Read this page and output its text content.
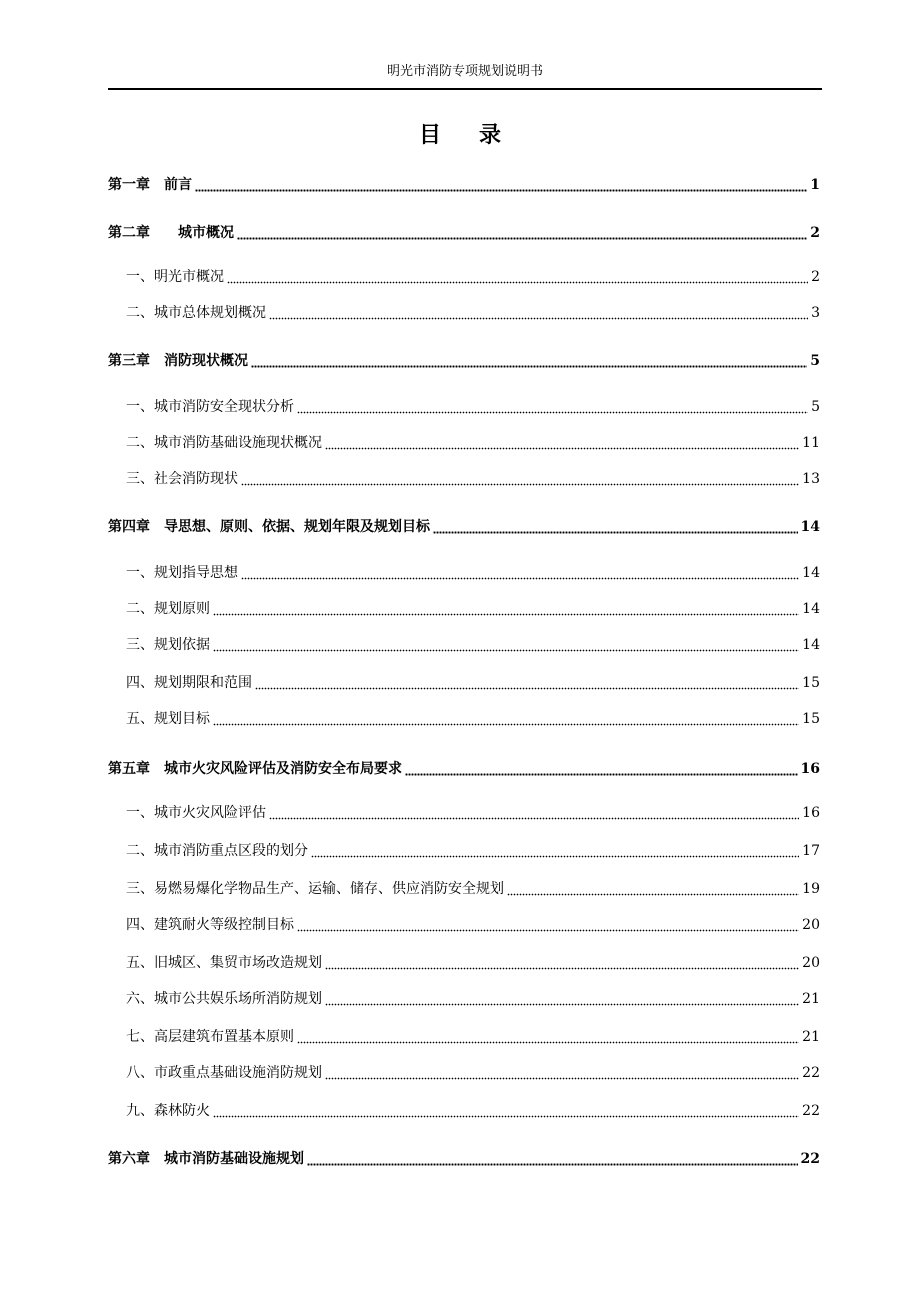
明光市消防专项规划说明书
目录
第一章　前言	1
第二章　　城市概况	2
一、明光市概况	2
二、城市总体规划概况	3
第三章　消防现状概况	5
一、城市消防安全现状分析	5
二、城市消防基础设施现状概况	11
三、社会消防现状	13
第四章　导思想、原则、依据、规划年限及规划目标	14
一、规划指导思想	14
二、规划原则	14
三、规划依据	14
四、规划期限和范围	15
五、规划目标	15
第五章　城市火灾风险评估及消防安全布局要求	16
一、城市火灾风险评估	16
二、城市消防重点区段的划分	17
三、易燃易爆化学物品生产、运输、储存、供应消防安全规划	19
四、建筑耐火等级控制目标	20
五、旧城区、集贸市场改造规划	20
六、城市公共娱乐场所消防规划	21
七、高层建筑布置基本原则	21
八、市政重点基础设施消防规划	22
九、森林防火	22
第六章　城市消防基础设施规划	22
